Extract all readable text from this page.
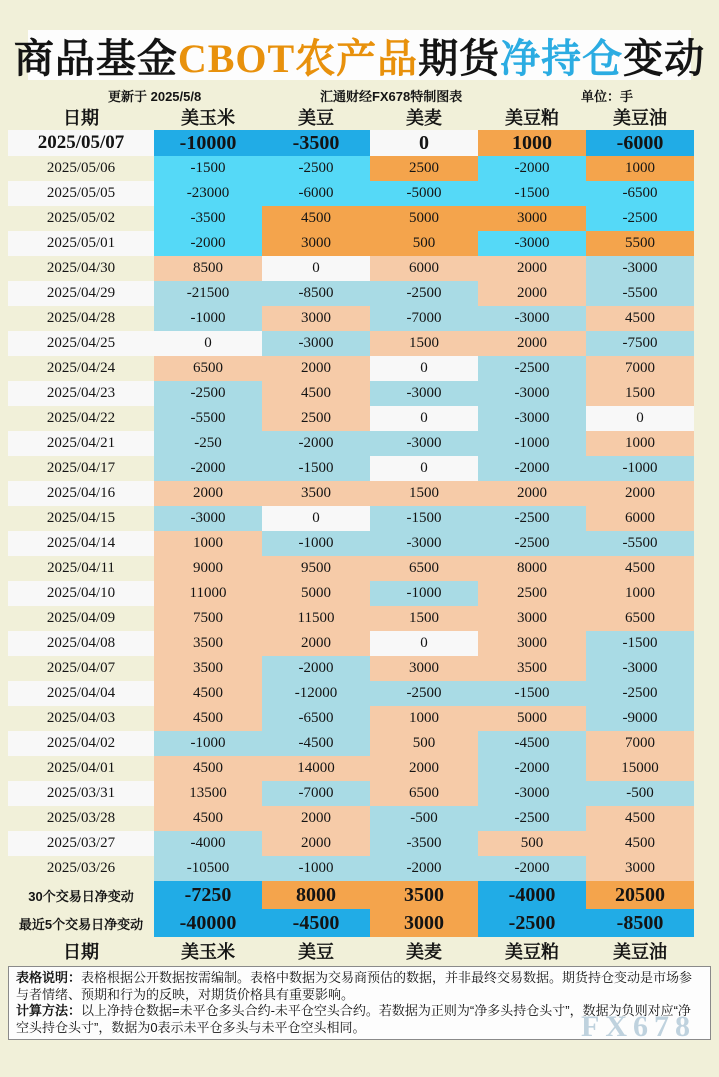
商品基金 CBOT农产品 期货 净持仓 变动
更新于 2025/5/8	汇通财经FX678特制图表	单位：手
日期	美玉米	美豆	美麦	美豆粕	美豆油
2025/05/07	-10000	-3500	0	1000	-6000
2025/05/06	-1500	-2500	2500	-2000	1000
2025/05/05	-23000	-6000	-5000	-1500	-6500
2025/05/02	-3500	4500	5000	3000	-2500
2025/05/01	-2000	3000	500	-3000	5500
2025/04/30	8500	0	6000	2000	-3000
2025/04/29	-21500	-8500	-2500	2000	-5500
2025/04/28	-1000	3000	-7000	-3000	4500
2025/04/25	0	-3000	1500	2000	-7500
2025/04/24	6500	2000	0	-2500	7000
2025/04/23	-2500	4500	-3000	-3000	1500
2025/04/22	-5500	2500	0	-3000	0
2025/04/21	-250	-2000	-3000	-1000	1000
2025/04/17	-2000	-1500	0	-2000	-1000
2025/04/16	2000	3500	1500	2000	2000
2025/04/15	-3000	0	-1500	-2500	6000
2025/04/14	1000	-1000	-3000	-2500	-5500
2025/04/11	9000	9500	6500	8000	4500
2025/04/10	11000	5000	-1000	2500	1000
2025/04/09	7500	11500	1500	3000	6500
2025/04/08	3500	2000	0	3000	-1500
2025/04/07	3500	-2000	3000	3500	-3000
2025/04/04	4500	-12000	-2500	-1500	-2500
2025/04/03	4500	-6500	1000	5000	-9000
2025/04/02	-1000	-4500	500	-4500	7000
2025/04/01	4500	14000	2000	-2000	15000
2025/03/31	13500	-7000	6500	-3000	-500
2025/03/28	4500	2000	-500	-2500	4500
2025/03/27	-4000	2000	-3500	500	4500
2025/03/26	-10500	-1000	-2000	-2000	3000
30个交易日净变动	-7250	8000	3500	-4000	20500
最近5个交易日净变动	-40000	-4500	3000	-2500	-8500
日期	美玉米	美豆	美麦	美豆粕	美豆油
表格说明：表格根据公开数据按需编制。表格中数据为交易商预估的数据，并非最终交易数据。期货持仓变动是市场参与者情绪、预期和行为的反映，对期货价格具有重要影响。
计算方法：以上净持仓数据=未平仓多头合约-未平仓空头合约。若数据为正则为“净多头持仓头寸”，数据为负则对应“净空头持仓头寸”，数据为0表示未平仓多头与未平仓空头相同。	FX678
